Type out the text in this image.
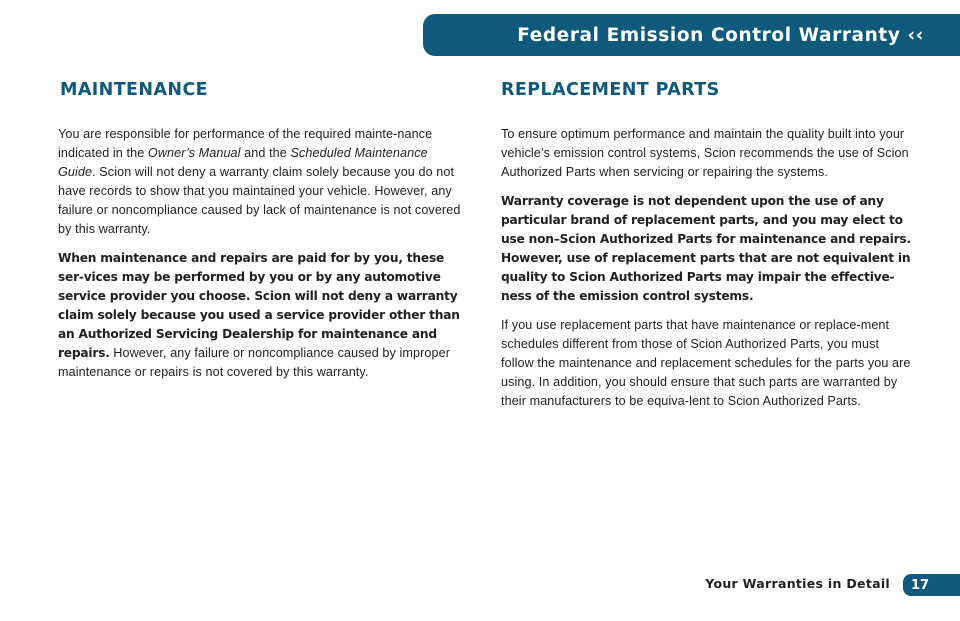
Federal Emission Control Warranty ‹‹
MAINTENANCE

You are responsible for performance of the required mainte-nance indicated in the Owner’s Manual and the Scheduled Maintenance Guide. Scion will not deny a warranty claim solely because you do not have records to show that you maintained your vehicle. However, any failure or noncompliance caused by lack of maintenance is not covered by this warranty.

When maintenance and repairs are paid for by you, these ser-vices may be performed by you or by any automotive service provider you choose. Scion will not deny a warranty claim solely because you used a service provider other than an Authorized Servicing Dealership for maintenance and repairs. However, any failure or noncompliance caused by improper maintenance or repairs is not covered by this warranty.

REPLACEMENT PARTS

To ensure optimum performance and maintain the quality built into your vehicle’s emission control systems, Scion recommends the use of Scion Authorized Parts when servicing or repairing the systems.

Warranty coverage is not dependent upon the use of any particular brand of replacement parts, and you may elect to use non–Scion Authorized Parts for maintenance and repairs. However, use of replacement parts that are not equivalent in quality to Scion Authorized Parts may impair the effective-ness of the emission control systems.

If you use replacement parts that have maintenance or replace-ment schedules different from those of Scion Authorized Parts, you must follow the maintenance and replacement schedules for the parts you are using. In addition, you should ensure that such parts are warranted by their manufacturers to be equiva-lent to Scion Authorized Parts.

Your Warranties in Detail	17
